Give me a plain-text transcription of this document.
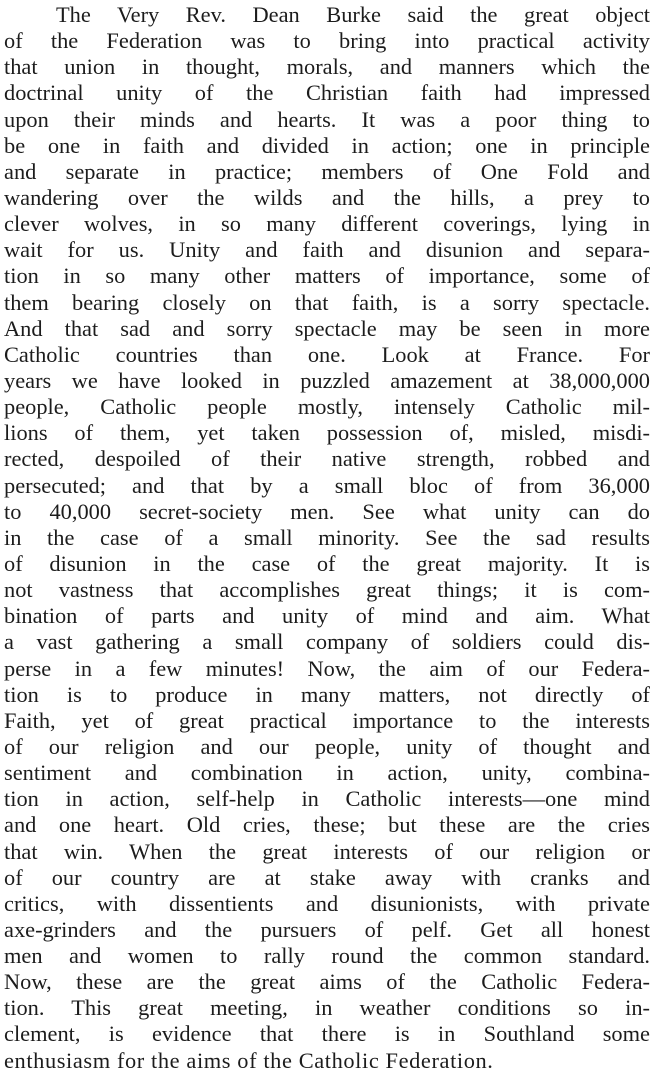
The Very Rev. Dean Burke said the great object
of the Federation was to bring into practical activity
that union in thought, morals, and manners which the
doctrinal unity of the Christian faith had impressed
upon their minds and hearts. It was a poor thing to
be one in faith and divided in action; one in principle
and separate in practice; members of One Fold and
wandering over the wilds and the hills, a prey to
clever wolves, in so many different coverings, lying in
wait for us. Unity and faith and disunion and separa-
tion in so many other matters of importance, some of
them bearing closely on that faith, is a sorry spectacle.
And that sad and sorry spectacle may be seen in more
Catholic countries than one. Look at France. For
years we have looked in puzzled amazement at 38,000,000
people, Catholic people mostly, intensely Catholic mil-
lions of them, yet taken possession of, misled, misdi-
rected, despoiled of their native strength, robbed and
persecuted; and that by a small bloc of from 36,000
to 40,000 secret-society men. See what unity can do
in the case of a small minority. See the sad results
of disunion in the case of the great majority. It is
not vastness that accomplishes great things; it is com-
bination of parts and unity of mind and aim. What
a vast gathering a small company of soldiers could dis-
perse in a few minutes! Now, the aim of our Federa-
tion is to produce in many matters, not directly of
Faith, yet of great practical importance to the interests
of our religion and our people, unity of thought and
sentiment and combination in action, unity, combina-
tion in action, self-help in Catholic interests—one mind
and one heart. Old cries, these; but these are the cries
that win. When the great interests of our religion or
of our country are at stake away with cranks and
critics, with dissentients and disunionists, with private
axe-grinders and the pursuers of pelf. Get all honest
men and women to rally round the common standard.
Now, these are the great aims of the Catholic Federa-
tion. This great meeting, in weather conditions so in-
clement, is evidence that there is in Southland some
enthusiasm for the aims of the Catholic Federation.
